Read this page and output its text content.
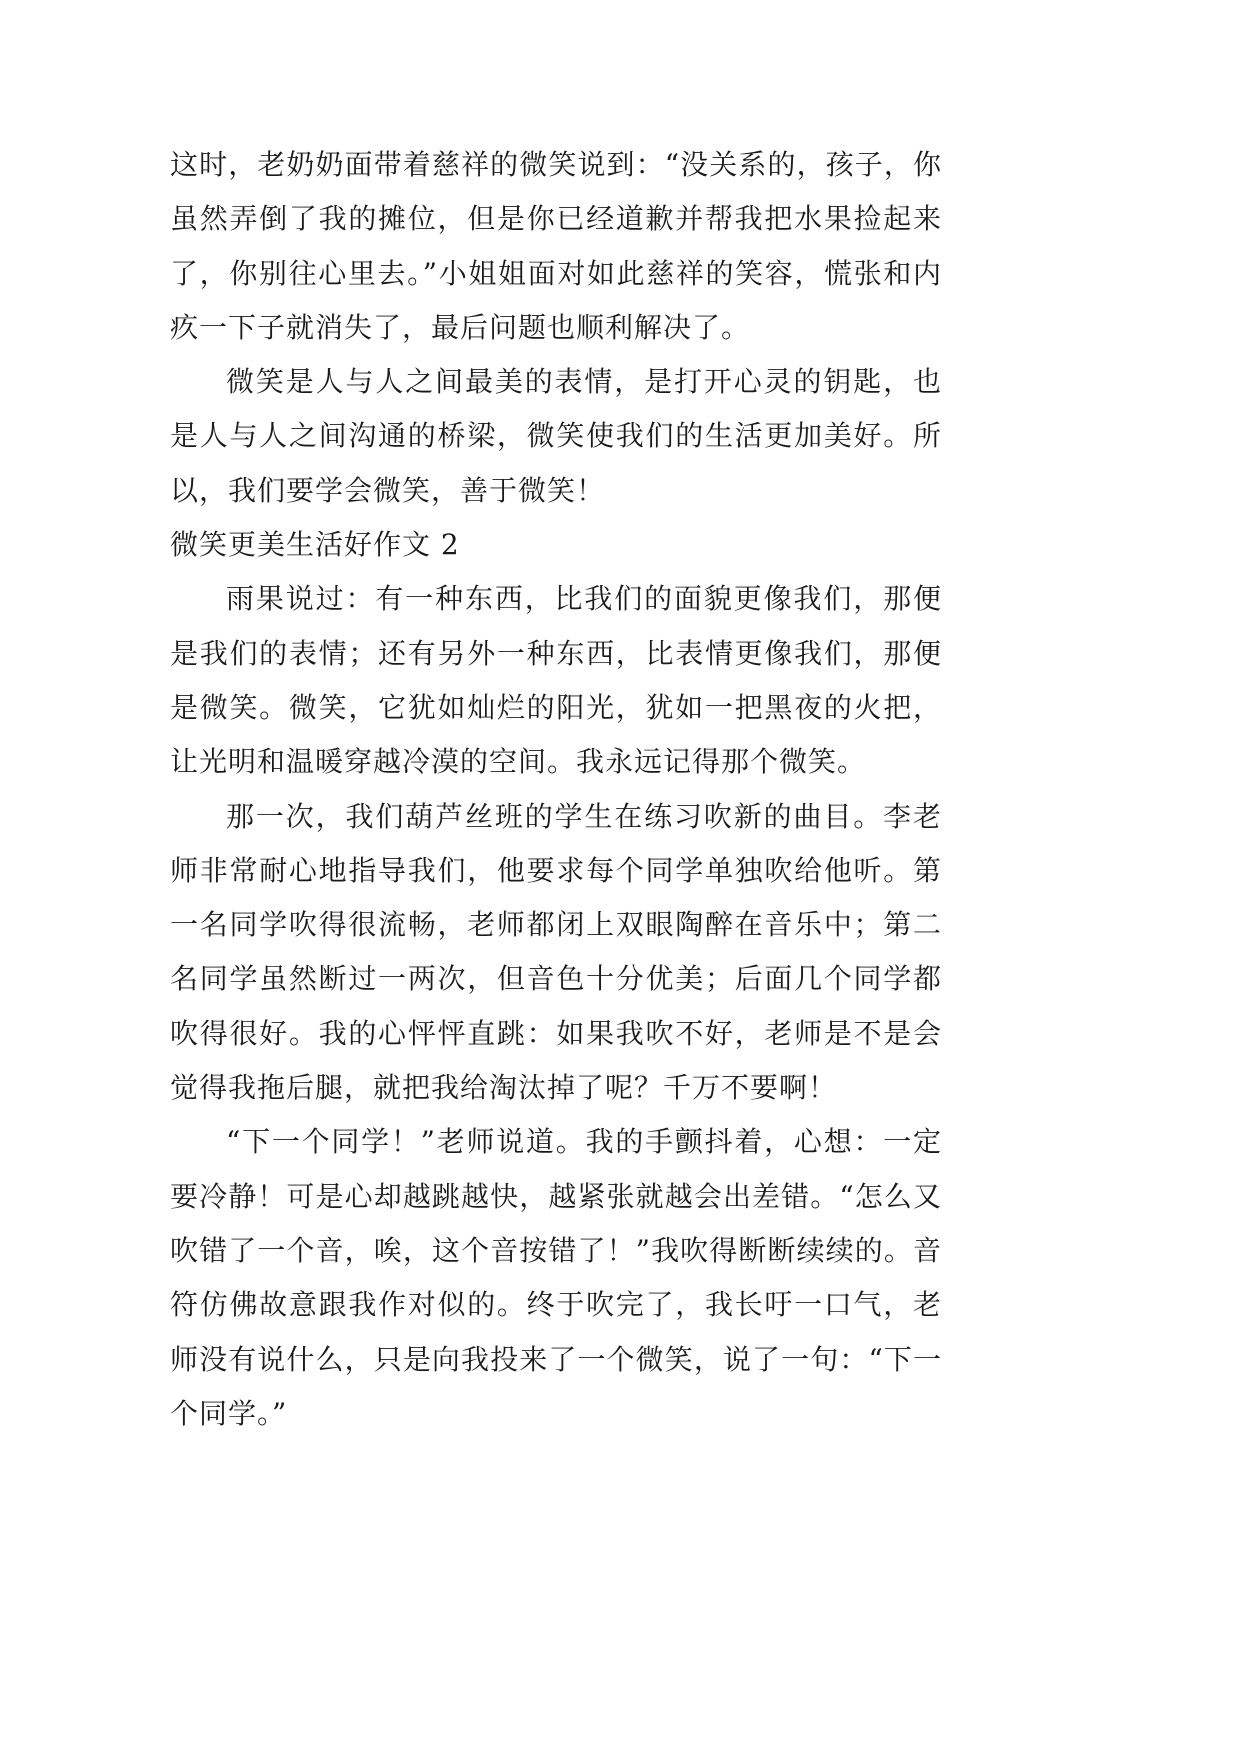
这时，老奶奶面带着慈祥的微笑说到：“没关系的，孩子，你虽然弄倒了我的摊位，但是你已经道歉并帮我把水果捡起来了，你别往心里去。”小姐姐面对如此慈祥的笑容，慌张和内疚一下子就消失了，最后问题也顺利解决了。

微笑是人与人之间最美的表情，是打开心灵的钥匙，也是人与人之间沟通的桥梁，微笑使我们的生活更加美好。所以，我们要学会微笑，善于微笑！

微笑更美生活好作文 2

雨果说过：有一种东西，比我们的面貌更像我们，那便是我们的表情；还有另外一种东西，比表情更像我们，那便是微笑。微笑，它犹如灿烂的阳光，犹如一把黑夜的火把，让光明和温暖穿越冷漠的空间。我永远记得那个微笑。

那一次，我们葫芦丝班的学生在练习吹新的曲目。李老师非常耐心地指导我们，他要求每个同学单独吹给他听。第一名同学吹得很流畅，老师都闭上双眼陶醉在音乐中；第二名同学虽然断过一两次，但音色十分优美；后面几个同学都吹得很好。我的心怦怦直跳：如果我吹不好，老师是不是会觉得我拖后腿，就把我给淘汰掉了呢？千万不要啊！

“下一个同学！”老师说道。我的手颤抖着，心想：一定要冷静！可是心却越跳越快，越紧张就越会出差错。“怎么又吹错了一个音，唉，这个音按错了！”我吹得断断续续的。音符仿佛故意跟我作对似的。终于吹完了，我长吁一口气，老师没有说什么，只是向我投来了一个微笑，说了一句：“下一个同学。”
